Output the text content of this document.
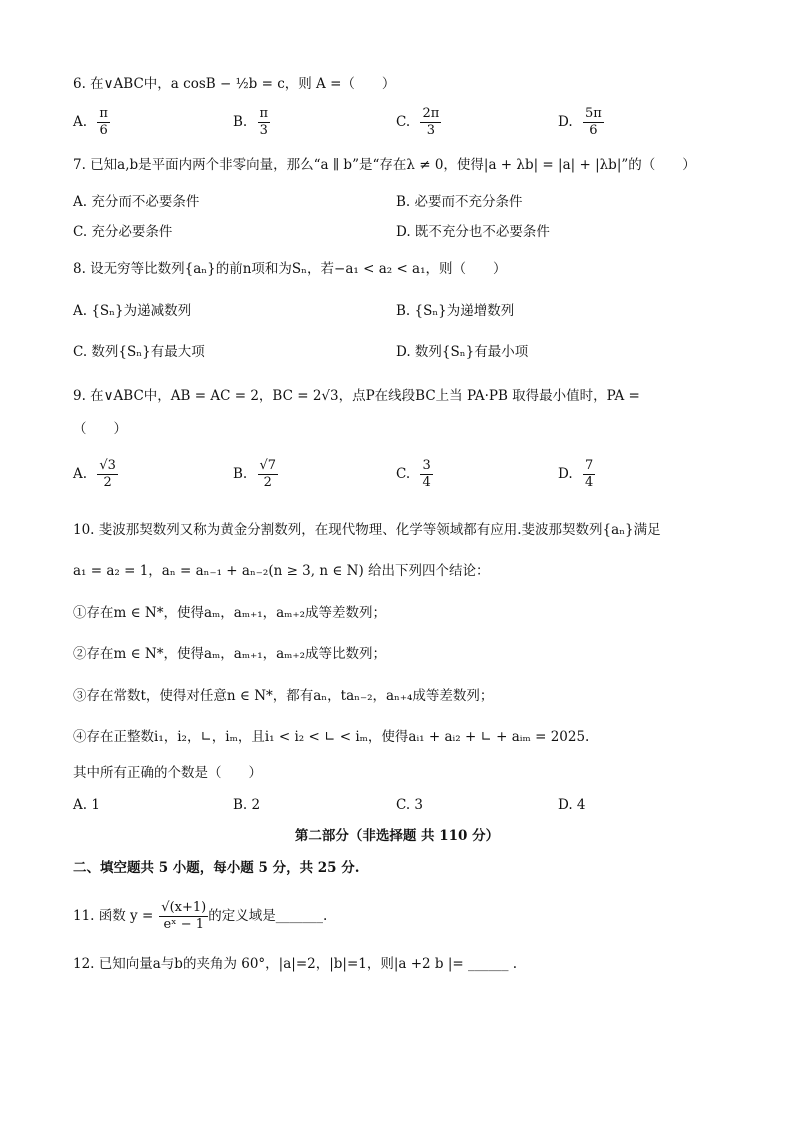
6. 在∨ABC中，a cosB − ½b = c，则 A =（　　）
A. $\frac{\pi}{6}$	B. $\frac{\pi}{3}$	C. $\frac{2\pi}{3}$	D. $\frac{5\pi}{6}$
7. 已知a,b是平面内两个非零向量，那么“a ∥ b”是“存在λ ≠ 0，使得|a + λb| = |a| + |λb|”的（　　）
A. 充分而不必要条件	B. 必要而不充分条件
C. 充分必要条件	D. 既不充分也不必要条件
8. 设无穷等比数列{aₙ}的前n项和为Sₙ，若−a₁ < a₂ < a₁，则（　　）
A. {Sₙ}为递减数列	B. {Sₙ}为递增数列
C. 数列{Sₙ}有最大项	D. 数列{Sₙ}有最小项
9. 在∨ABC中，AB = AC = 2，BC = 2√3，点P在线段BC上当 PA·PB 取得最小值时，PA =
（　　）
A. $\frac{√3}{2}$	B. $\frac{√7}{2}$	C. $\frac{3}{4}$	D. $\frac{7}{4}$
10. 斐波那契数列又称为黄金分割数列，在现代物理、化学等领域都有应用.斐波那契数列{aₙ}满足
a₁ = a₂ = 1，aₙ = aₙ₋₁ + aₙ₋₂(n ≥ 3, n ∈ N) 给出下列四个结论：
①存在m ∈ N*，使得aₘ，aₘ₊₁，aₘ₊₂成等差数列；
②存在m ∈ N*，使得aₘ，aₘ₊₁，aₘ₊₂成等比数列；
③存在常数t，使得对任意n ∈ N*，都有aₙ，taₙ₋₂，aₙ₊₄成等差数列；
④存在正整数i₁，i₂，∟，iₘ，且i₁ < i₂ < ∟ < iₘ，使得aᵢ₁ + aᵢ₂ + ∟ + aᵢₘ = 2025.
其中所有正确的个数是（　　）
A. 1	B. 2	C. 3	D. 4
第二部分（非选择题 共 110 分）
二、填空题共 5 小题，每小题 5 分，共 25 分.
11. 函数 $y = \frac{√(x+1)}{\text{eˣ − 1}}$ 的定义域是_______.
12. 已知向量a与b的夹角为 60°，|a|=2，|b|=1，则|a +2 b |= ______ .
